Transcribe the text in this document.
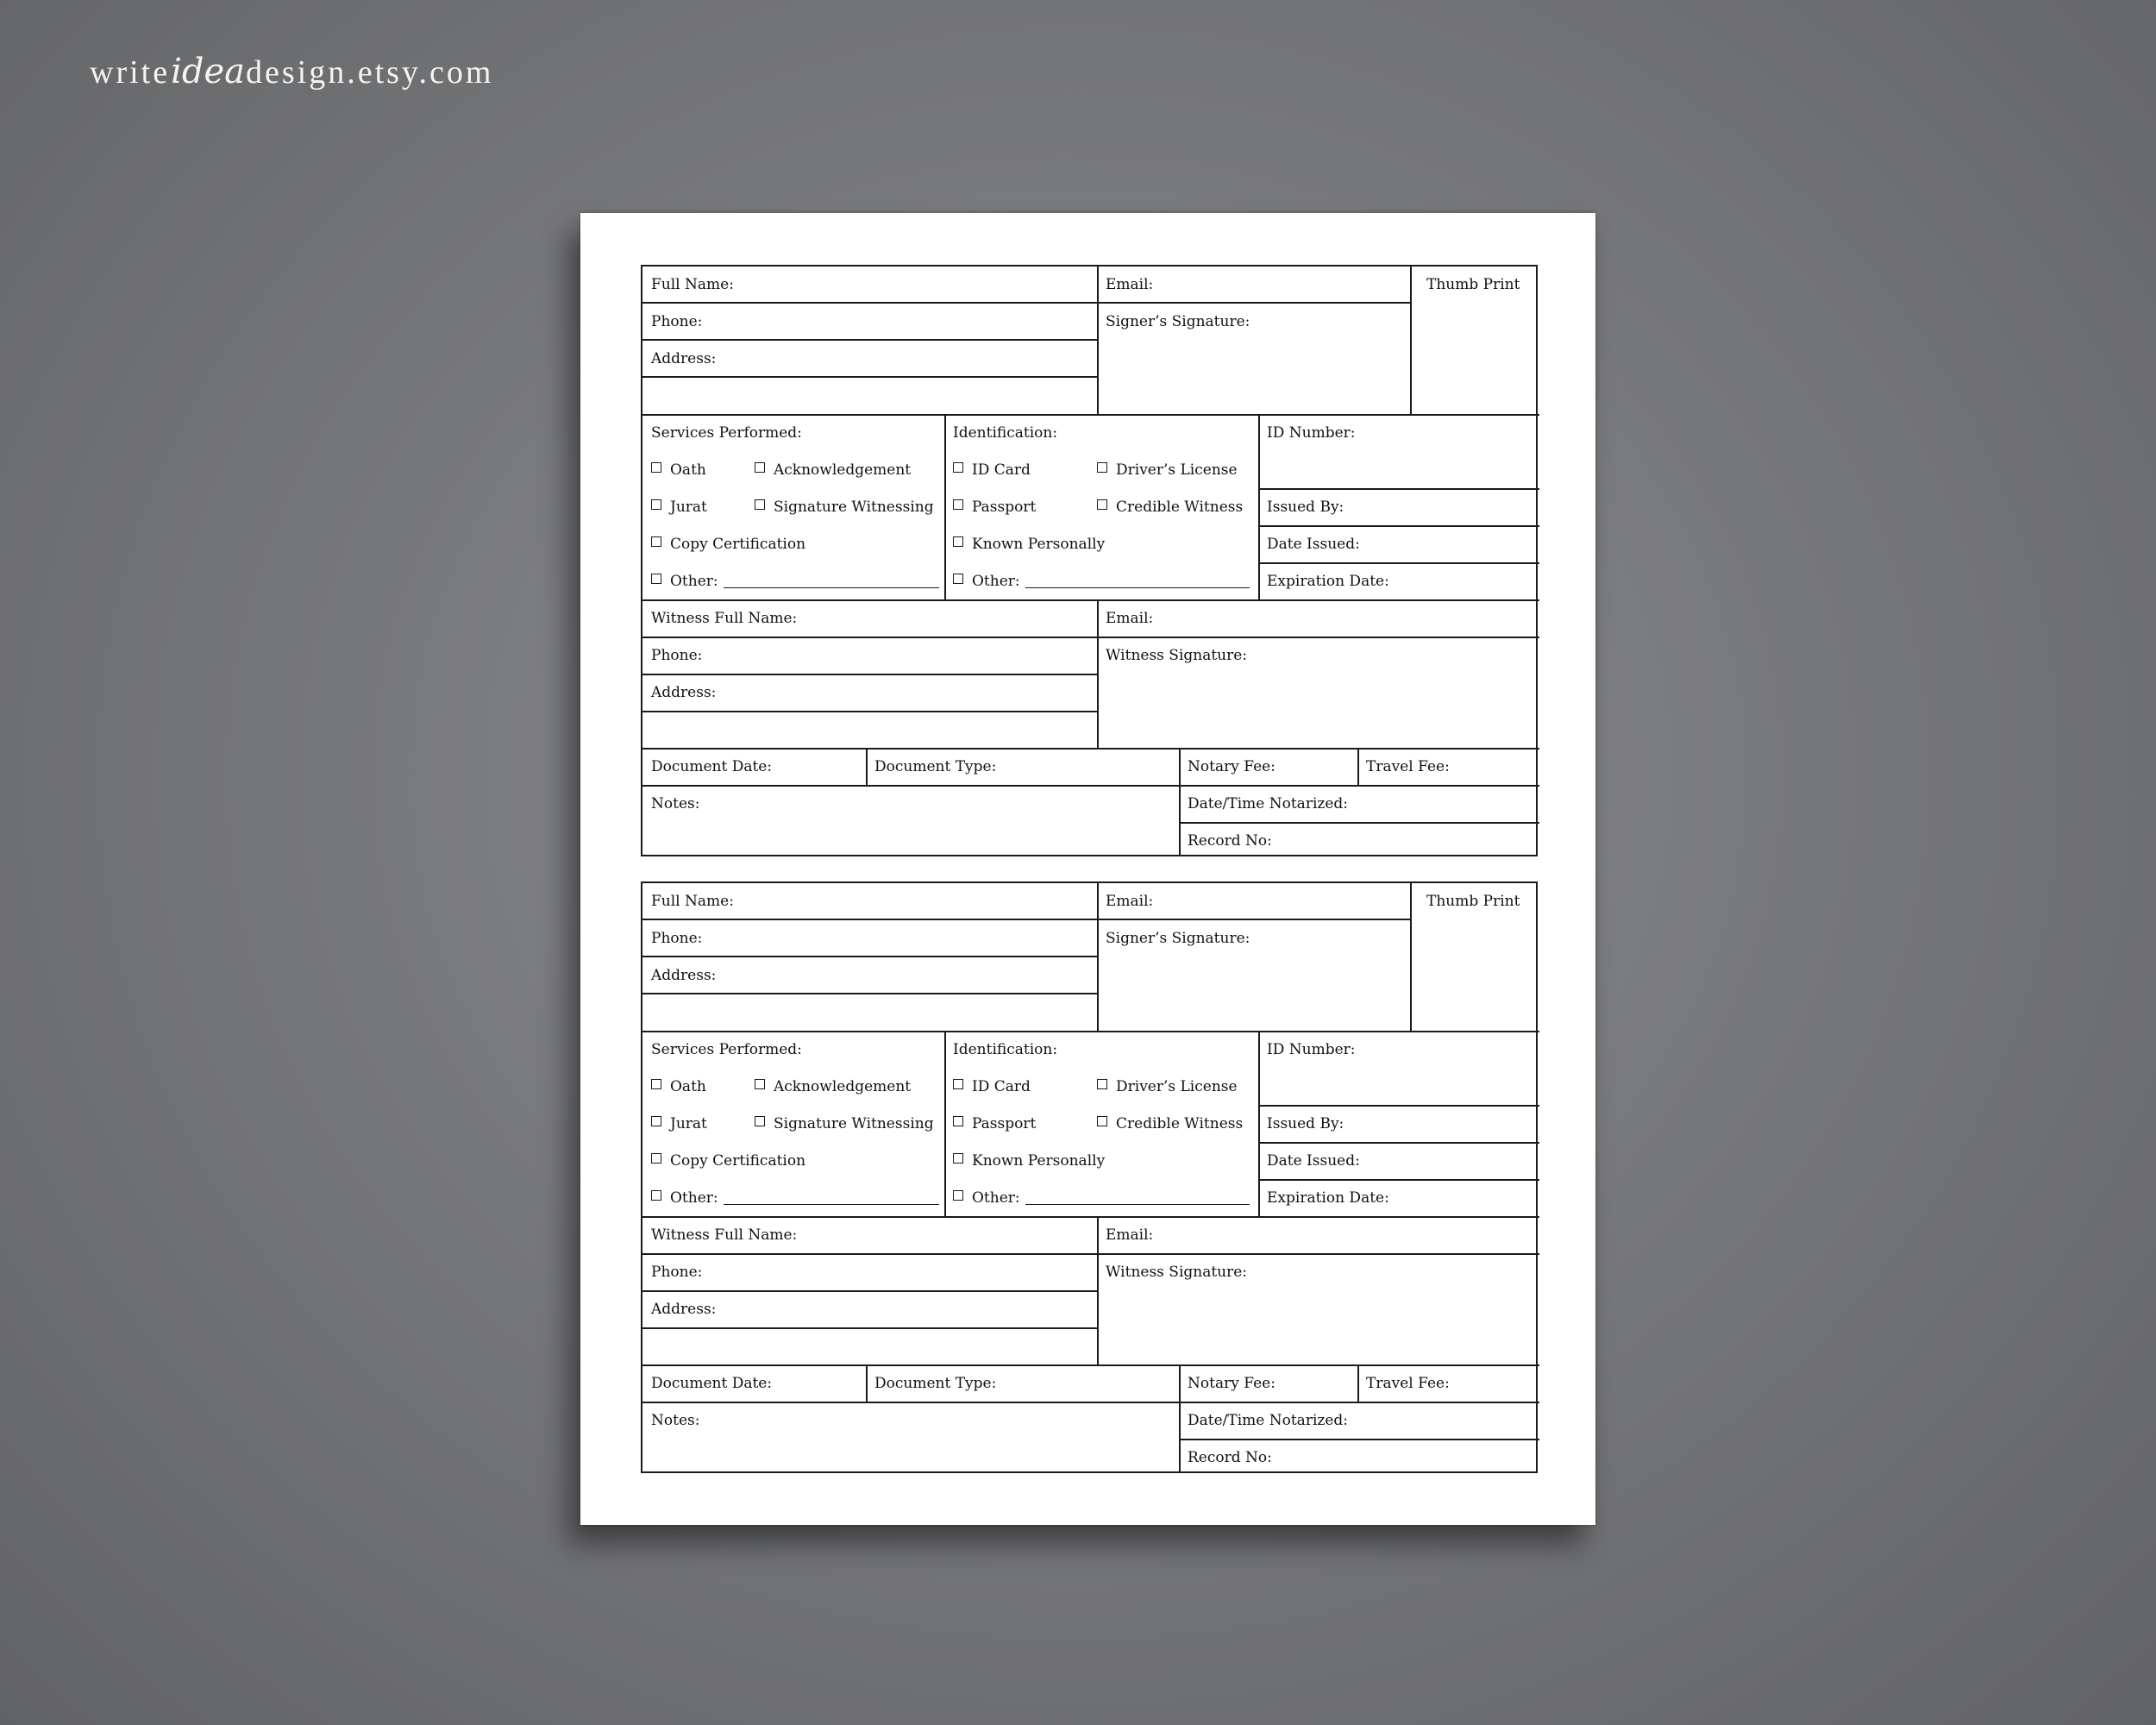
writeideadesign.etsy.com
Full Name:	Email:	Thumb Print
Phone:	Signer’s Signature:
Address:
Services Performed:
Oath	Acknowledgement
Jurat	Signature Witnessing
Copy Certification
Other:
Identification:
ID Card	Driver’s License
Passport	Credible Witness
Known Personally
Other:
ID Number:
Issued By:
Date Issued:
Expiration Date:
Witness Full Name:	Email:
Phone:	Witness Signature:
Address:
Document Date:	Document Type:	Notary Fee:	Travel Fee:
Notes:	Date/Time Notarized:
Record No:
Full Name:	Email:	Thumb Print
Phone:	Signer’s Signature:
Address:
Services Performed:
Oath	Acknowledgement
Jurat	Signature Witnessing
Copy Certification
Other:
Identification:
ID Card	Driver’s License
Passport	Credible Witness
Known Personally
Other:
ID Number:
Issued By:
Date Issued:
Expiration Date:
Witness Full Name:	Email:
Phone:	Witness Signature:
Address:
Document Date:	Document Type:	Notary Fee:	Travel Fee:
Notes:	Date/Time Notarized:
Record No:
